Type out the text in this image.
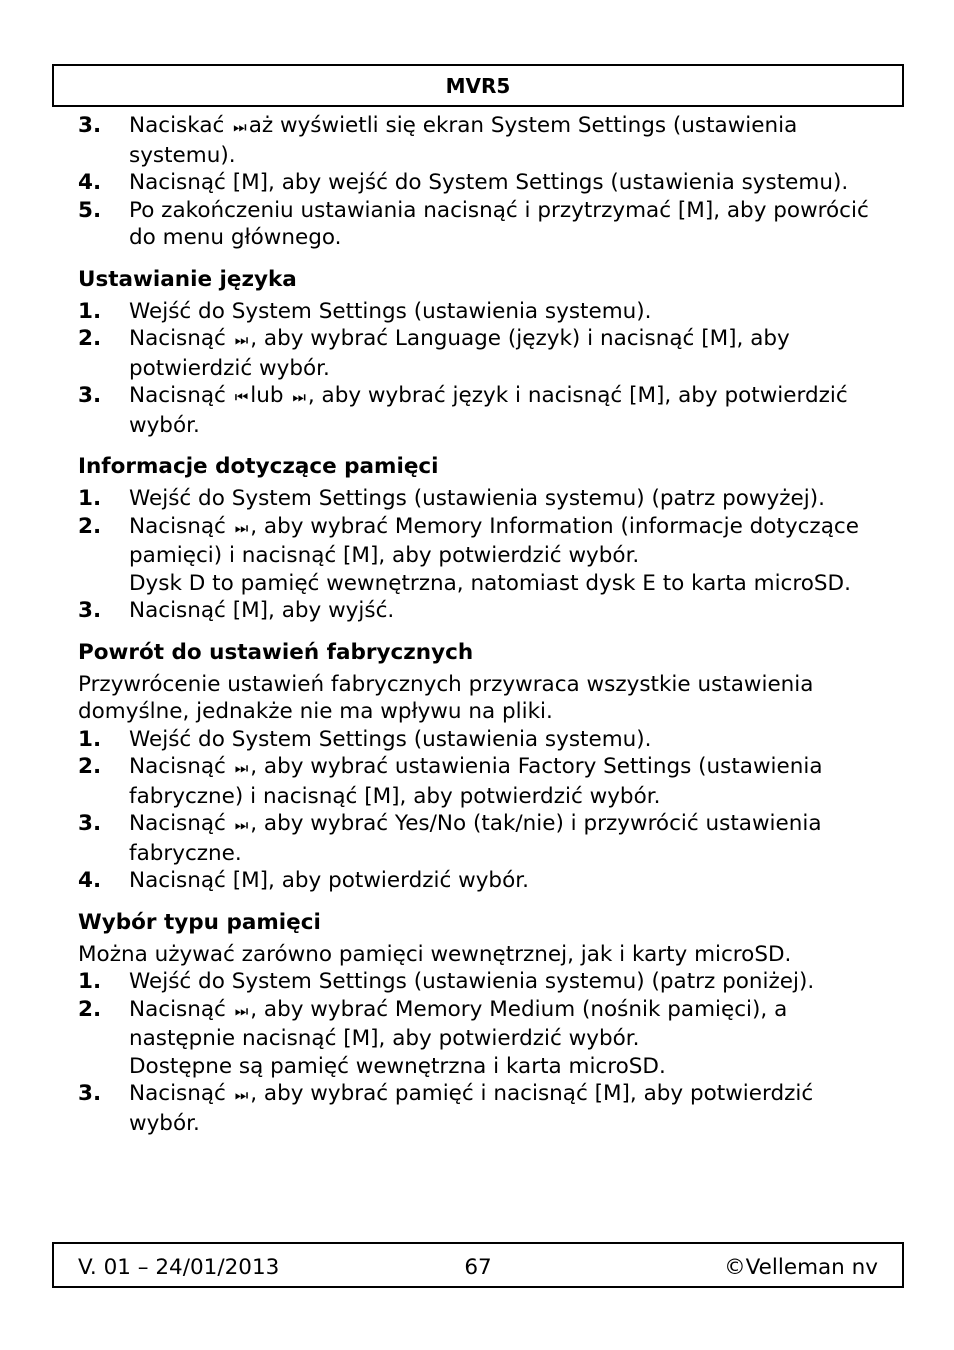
MVR5
3. Naciskać ⏭ aż wyświetli się ekran System Settings (ustawienia systemu).
4. Nacisnąć [M], aby wejść do System Settings (ustawienia systemu).
5. Po zakończeniu ustawiania nacisnąć i przytrzymać [M], aby powrócić do menu głównego.
Ustawianie języka
1. Wejść do System Settings (ustawienia systemu).
2. Nacisnąć ⏭ , aby wybrać Language (język) i nacisnąć [M], aby potwierdzić wybór.
3. Nacisnąć ⏮ lub ⏭ , aby wybrać język i nacisnąć [M], aby potwierdzić wybór.
Informacje dotyczące pamięci
1. Wejść do System Settings (ustawienia systemu) (patrz powyżej).
2. Nacisnąć ⏭ , aby wybrać Memory Information (informacje dotyczące pamięci) i nacisnąć [M], aby potwierdzić wybór.
Dysk D to pamięć wewnętrzna, natomiast dysk E to karta microSD.
3. Nacisnąć [M], aby wyjść.
Powrót do ustawień fabrycznych

Przywrócenie ustawień fabrycznych przywraca wszystkie ustawienia domyślne, jednakże nie ma wpływu na pliki.

1. Wejść do System Settings (ustawienia systemu).
2. Nacisnąć ⏭ , aby wybrać ustawienia Factory Settings (ustawienia fabryczne) i nacisnąć [M], aby potwierdzić wybór.
3. Nacisnąć ⏭ , aby wybrać Yes/No (tak/nie) i przywrócić ustawienia fabryczne.
4. Nacisnąć [M], aby potwierdzić wybór.
Wybór typu pamięci

Można używać zarówno pamięci wewnętrznej, jak i karty microSD.

1. Wejść do System Settings (ustawienia systemu) (patrz poniżej).
2. Nacisnąć ⏭ , aby wybrać Memory Medium (nośnik pamięci), a następnie nacisnąć [M], aby potwierdzić wybór.
Dostępne są pamięć wewnętrzna i karta microSD.
3. Nacisnąć ⏭ , aby wybrać pamięć i nacisnąć [M], aby potwierdzić wybór.
V. 01 – 24/01/2013	67	©Velleman nv
